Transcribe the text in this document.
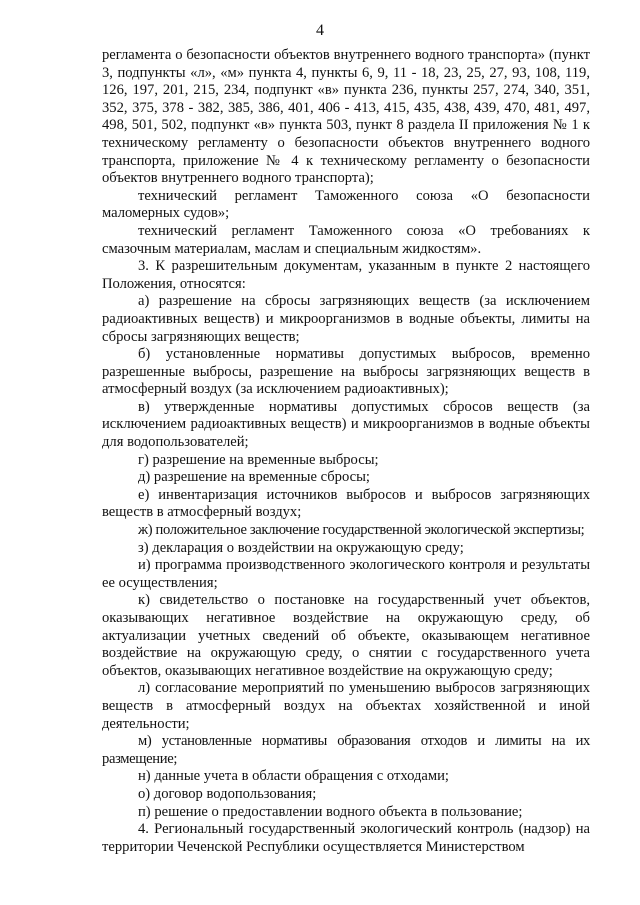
4

регламента о безопасности объектов внутреннего водного транспорта» (пункт 3, подпункты «л», «м» пункта 4, пункты 6, 9, 11 - 18, 23, 25, 27, 93, 108, 119, 126, 197, 201, 215, 234, подпункт «в» пункта 236, пункты 257, 274, 340, 351, 352, 375, 378 - 382, 385, 386, 401, 406 - 413, 415, 435, 438, 439, 470, 481, 497, 498, 501, 502, подпункт «в» пункта 503, пункт 8 раздела II приложения № 1 к техническому регламенту о безопасности объектов внутреннего водного транспорта, приложение № 4 к техническому регламенту о безопасности объектов внутреннего водного транспорта);

технический регламент Таможенного союза «О безопасности маломерных судов»;

технический регламент Таможенного союза «О требованиях к смазочным материалам, маслам и специальным жидкостям».

3. К разрешительным документам, указанным в пункте 2 настоящего Положения, относятся:

а) разрешение на сбросы загрязняющих веществ (за исключением радиоактивных веществ) и микроорганизмов в водные объекты, лимиты на сбросы загрязняющих веществ;

б) установленные нормативы допустимых выбросов, временно разрешенные выбросы, разрешение на выбросы загрязняющих веществ в атмосферный воздух (за исключением радиоактивных);

в) утвержденные нормативы допустимых сбросов веществ (за исключением радиоактивных веществ) и микроорганизмов в водные объекты для водопользователей;

г) разрешение на временные выбросы;

д) разрешение на временные сбросы;

е) инвентаризация источников выбросов и выбросов загрязняющих веществ в атмосферный воздух;

ж) положительное заключение государственной экологической экспертизы;

з) декларация о воздействии на окружающую среду;

и) программа производственного экологического контроля и результаты ее осуществления;

к) свидетельство о постановке на государственный учет объектов, оказывающих негативное воздействие на окружающую среду, об актуализации учетных сведений об объекте, оказывающем негативное воздействие на окружающую среду, о снятии с государственного учета объектов, оказывающих негативное воздействие на окружающую среду;

л) согласование мероприятий по уменьшению выбросов загрязняющих веществ в атмосферный воздух на объектах хозяйственной и иной деятельности;

м) установленные нормативы образования отходов и лимиты на их размещение;

н) данные учета в области обращения с отходами;

о) договор водопользования;

п) решение о предоставлении водного объекта в пользование;

4. Региональный государственный экологический контроль (надзор) на территории Чеченской Республики осуществляется Министерством
